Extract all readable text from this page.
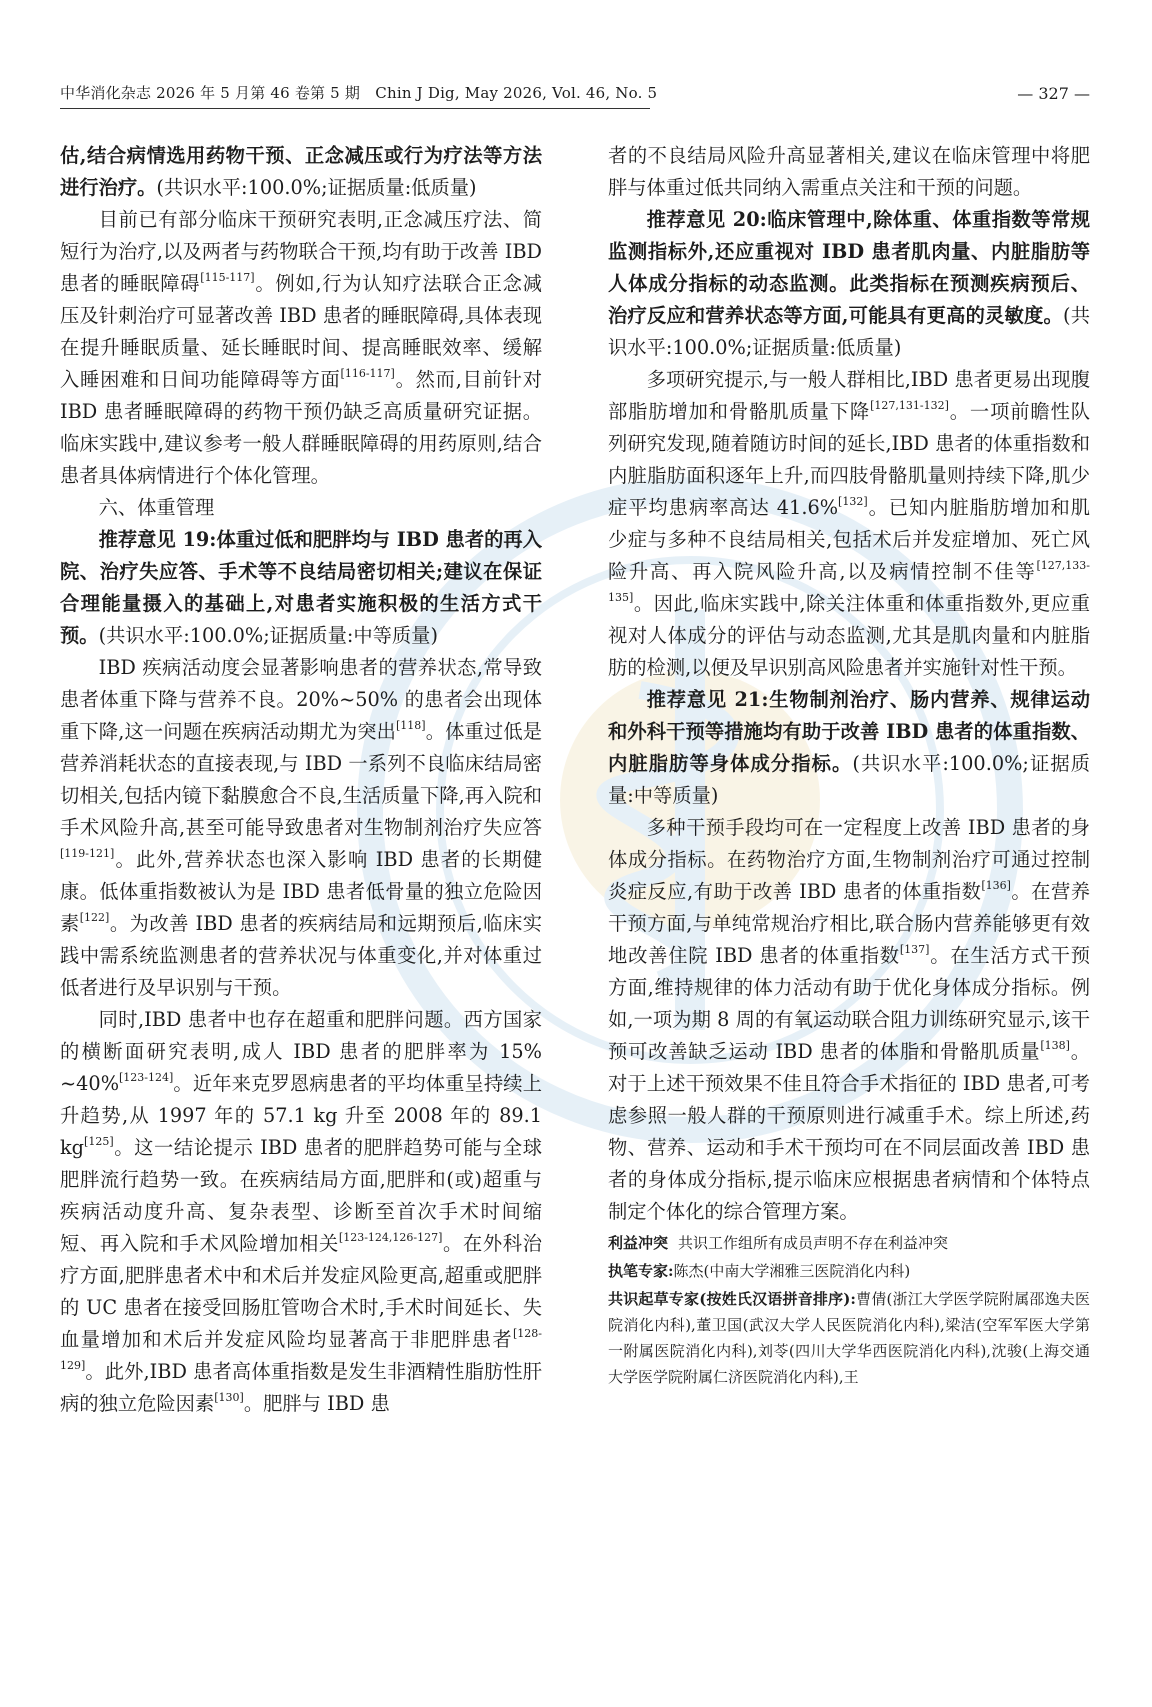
中华消化杂志 2026 年 5 月第 46 卷第 5 期　Chin J Dig, May 2026, Vol. 46, No. 5	— 327 —

估,结合病情选用药物干预、正念减压或行为疗法等方法进行治疗。(共识水平:100.0%;证据质量:低质量)

目前已有部分临床干预研究表明,正念减压疗法、简短行为治疗,以及两者与药物联合干预,均有助于改善 IBD 患者的睡眠障碍[115-117]。例如,行为认知疗法联合正念减压及针刺治疗可显著改善 IBD 患者的睡眠障碍,具体表现在提升睡眠质量、延长睡眠时间、提高睡眠效率、缓解入睡困难和日间功能障碍等方面[116-117]。然而,目前针对 IBD 患者睡眠障碍的药物干预仍缺乏高质量研究证据。临床实践中,建议参考一般人群睡眠障碍的用药原则,结合患者具体病情进行个体化管理。

六、体重管理

推荐意见 19:体重过低和肥胖均与 IBD 患者的再入院、治疗失应答、手术等不良结局密切相关;建议在保证合理能量摄入的基础上,对患者实施积极的生活方式干预。(共识水平:100.0%;证据质量:中等质量)

IBD 疾病活动度会显著影响患者的营养状态,常导致患者体重下降与营养不良。20%~50% 的患者会出现体重下降,这一问题在疾病活动期尤为突出[118]。体重过低是营养消耗状态的直接表现,与 IBD 一系列不良临床结局密切相关,包括内镜下黏膜愈合不良,生活质量下降,再入院和手术风险升高,甚至可能导致患者对生物制剂治疗失应答[119-121]。此外,营养状态也深入影响 IBD 患者的长期健康。低体重指数被认为是 IBD 患者低骨量的独立危险因素[122]。为改善 IBD 患者的疾病结局和远期预后,临床实践中需系统监测患者的营养状况与体重变化,并对体重过低者进行及早识别与干预。

同时,IBD 患者中也存在超重和肥胖问题。西方国家的横断面研究表明,成人 IBD 患者的肥胖率为 15% ~40%[123-124]。近年来克罗恩病患者的平均体重呈持续上升趋势,从 1997 年的 57.1 kg 升至 2008 年的 89.1 kg[125]。这一结论提示 IBD 患者的肥胖趋势可能与全球肥胖流行趋势一致。在疾病结局方面,肥胖和(或)超重与疾病活动度升高、复杂表型、诊断至首次手术时间缩短、再入院和手术风险增加相关[123-124,126-127]。在外科治疗方面,肥胖患者术中和术后并发症风险更高,超重或肥胖的 UC 患者在接受回肠肛管吻合术时,手术时间延长、失血量增加和术后并发症风险均显著高于非肥胖患者[128-129]。此外,IBD 患者高体重指数是发生非酒精性脂肪性肝病的独立危险因素[130]。肥胖与 IBD 患

者的不良结局风险升高显著相关,建议在临床管理中将肥胖与体重过低共同纳入需重点关注和干预的问题。

推荐意见 20:临床管理中,除体重、体重指数等常规监测指标外,还应重视对 IBD 患者肌肉量、内脏脂肪等人体成分指标的动态监测。此类指标在预测疾病预后、治疗反应和营养状态等方面,可能具有更高的灵敏度。(共识水平:100.0%;证据质量:低质量)

多项研究提示,与一般人群相比,IBD 患者更易出现腹部脂肪增加和骨骼肌质量下降[127,131-132]。一项前瞻性队列研究发现,随着随访时间的延长,IBD 患者的体重指数和内脏脂肪面积逐年上升,而四肢骨骼肌量则持续下降,肌少症平均患病率高达 41.6%[132]。已知内脏脂肪增加和肌少症与多种不良结局相关,包括术后并发症增加、死亡风险升高、再入院风险升高,以及病情控制不佳等[127,133-135]。因此,临床实践中,除关注体重和体重指数外,更应重视对人体成分的评估与动态监测,尤其是肌肉量和内脏脂肪的检测,以便及早识别高风险患者并实施针对性干预。

推荐意见 21:生物制剂治疗、肠内营养、规律运动和外科干预等措施均有助于改善 IBD 患者的体重指数、内脏脂肪等身体成分指标。(共识水平:100.0%;证据质量:中等质量)

多种干预手段均可在一定程度上改善 IBD 患者的身体成分指标。在药物治疗方面,生物制剂治疗可通过控制炎症反应,有助于改善 IBD 患者的体重指数[136]。在营养干预方面,与单纯常规治疗相比,联合肠内营养能够更有效地改善住院 IBD 患者的体重指数[137]。在生活方式干预方面,维持规律的体力活动有助于优化身体成分指标。例如,一项为期 8 周的有氧运动联合阻力训练研究显示,该干预可改善缺乏运动 IBD 患者的体脂和骨骼肌质量[138]。对于上述干预效果不佳且符合手术指征的 IBD 患者,可考虑参照一般人群的干预原则进行减重手术。综上所述,药物、营养、运动和手术干预均可在不同层面改善 IBD 患者的身体成分指标,提示临床应根据患者病情和个体特点制定个体化的综合管理方案。

利益冲突 共识工作组所有成员声明不存在利益冲突

执笔专家:陈杰(中南大学湘雅三医院消化内科)

共识起草专家(按姓氏汉语拼音排序):曹倩(浙江大学医学院附属邵逸夫医院消化内科),董卫国(武汉大学人民医院消化内科),梁洁(空军军医大学第一附属医院消化内科),刘苓(四川大学华西医院消化内科),沈骏(上海交通大学医学院附属仁济医院消化内科),王
